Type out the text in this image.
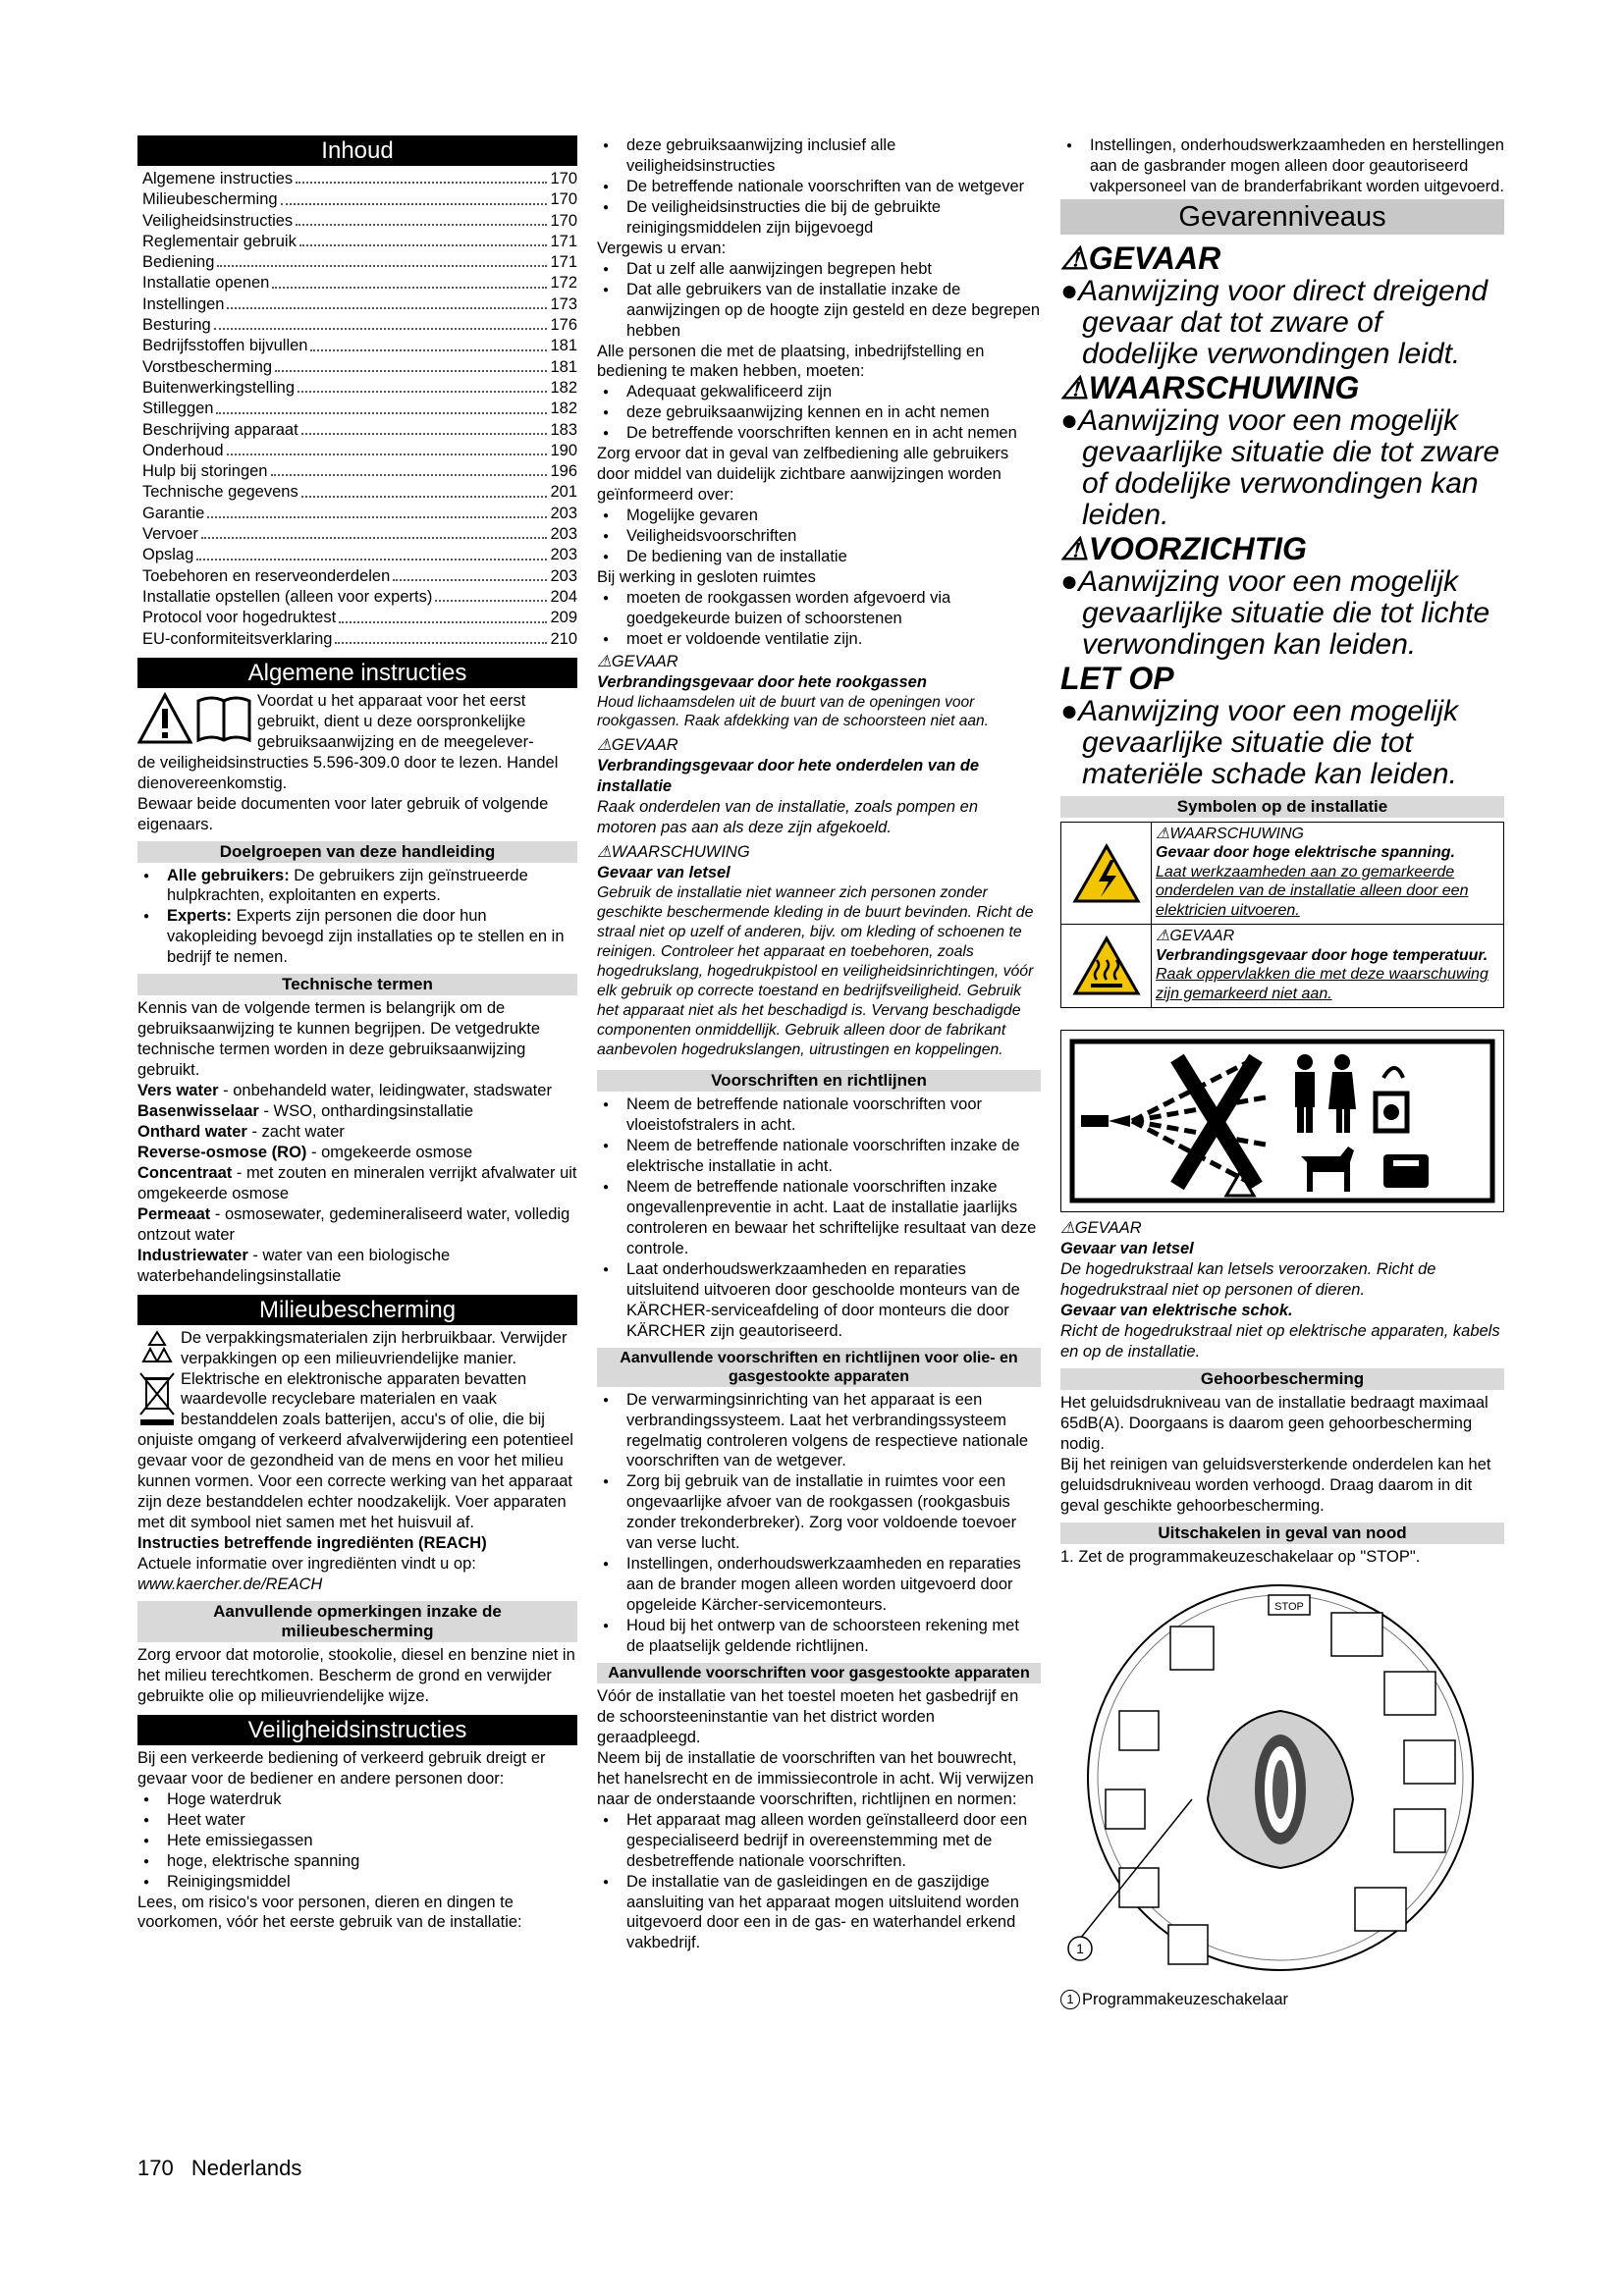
Inhoud
Algemene instructies	170
Milieubescherming	170
Veiligheidsinstructies	170
Reglementair gebruik	171
Bediening	171
Installatie openen	172
Instellingen	173
Besturing	176
Bedrijfsstoffen bijvullen	181
Vorstbescherming	181
Buitenwerkingstelling	182
Stilleggen	182
Beschrijving apparaat	183
Onderhoud	190
Hulp bij storingen	196
Technische gegevens	201
Garantie	203
Vervoer	203
Opslag	203
Toebehoren en reserveonderdelen	203
Installatie opstellen (alleen voor experts)	204
Protocol voor hogedruktest	209
EU-conformiteitsverklaring	210
Algemene instructies

Voordat u het apparaat voor het eerst gebruikt, dient u deze oorspronkelijke gebruiksaanwijzing en de meegelever-

de veiligheidsinstructies 5.596-309.0 door te lezen. Handel dienovereenkomstig.

Bewaar beide documenten voor later gebruik of volgende eigenaars.

Doelgroepen van deze handleiding
● Alle gebruikers: De gebruikers zijn geïnstrueerde hulpkrachten, exploitanten en experts.
● Experts: Experts zijn personen die door hun vakopleiding bevoegd zijn installaties op te stellen en in bedrijf te nemen.
Technische termen

Kennis van de volgende termen is belangrijk om de gebruiksaanwijzing te kunnen begrijpen. De vetgedrukte technische termen worden in deze gebruiksaanwijzing gebruikt.

Vers water - onbehandeld water, leidingwater, stadswater

Basenwisselaar - WSO, onthardingsinstallatie

Onthard water - zacht water

Reverse-osmose (RO) - omgekeerde osmose

Concentraat - met zouten en mineralen verrijkt afvalwater uit omgekeerde osmose

Permeaat - osmosewater, gedemineraliseerd water, volledig ontzout water

Industriewater - water van een biologische waterbehandelingsinstallatie

Milieubescherming

De verpakkingsmaterialen zijn herbruikbaar. Verwijder verpakkingen op een milieuvriendelijke manier.

Elektrische en elektronische apparaten bevatten waardevolle recyclebare materialen en vaak bestanddelen zoals batterijen, accu's of olie, die bij onjuiste omgang of verkeerd afvalverwijdering een potentieel gevaar voor de gezondheid van de mens en voor het milieu kunnen vormen. Voor een correcte werking van het apparaat zijn deze bestanddelen echter noodzakelijk. Voer apparaten met dit symbool niet samen met het huisvuil af.

Instructies betreffende ingrediënten (REACH)

Actuele informatie over ingrediënten vindt u op:

www.kaercher.de/REACH

Aanvullende opmerkingen inzake de milieubescherming

Zorg ervoor dat motorolie, stookolie, diesel en benzine niet in het milieu terechtkomen. Bescherm de grond en verwijder gebruikte olie op milieuvriendelijke wijze.

Veiligheidsinstructies

Bij een verkeerde bediening of verkeerd gebruik dreigt er gevaar voor de bediener en andere personen door:

● Hoge waterdruk
● Heet water
● Hete emissiegassen
● hoge, elektrische spanning
● Reinigingsmiddel

Lees, om risico's voor personen, dieren en dingen te voorkomen, vóór het eerste gebruik van de installatie:

● deze gebruiksaanwijzing inclusief alle veiligheidsinstructies
● De betreffende nationale voorschriften van de wetgever
● De veiligheidsinstructies die bij de gebruikte reinigingsmiddelen zijn bijgevoegd

Vergewis u ervan:

● Dat u zelf alle aanwijzingen begrepen hebt
● Dat alle gebruikers van de installatie inzake de aanwijzingen op de hoogte zijn gesteld en deze begrepen hebben

Alle personen die met de plaatsing, inbedrijfstelling en bediening te maken hebben, moeten:

● Adequaat gekwalificeerd zijn
● deze gebruiksaanwijzing kennen en in acht nemen
● De betreffende voorschriften kennen en in acht nemen

Zorg ervoor dat in geval van zelfbediening alle gebruikers door middel van duidelijk zichtbare aanwijzingen worden geïnformeerd over:

● Mogelijke gevaren
● Veiligheidsvoorschriften
● De bediening van de installatie

Bij werking in gesloten ruimtes

● moeten de rookgassen worden afgevoerd via goedgekeurde buizen of schoorstenen
● moet er voldoende ventilatie zijn.

⚠GEVAAR

Verbrandingsgevaar door hete rookgassen

Houd lichaamsdelen uit de buurt van de openingen voor rookgassen. Raak afdekking van de schoorsteen niet aan.

⚠GEVAAR

Verbrandingsgevaar door hete onderdelen van de installatie

Raak onderdelen van de installatie, zoals pompen en motoren pas aan als deze zijn afgekoeld.

⚠WAARSCHUWING

Gevaar van letsel

Gebruik de installatie niet wanneer zich personen zonder geschikte beschermende kleding in de buurt bevinden. Richt de straal niet op uzelf of anderen, bijv. om kleding of schoenen te reinigen. Controleer het apparaat en toebehoren, zoals hogedrukslang, hogedrukpistool en veiligheidsinrichtingen, vóór elk gebruik op correcte toestand en bedrijfsveiligheid. Gebruik het apparaat niet als het beschadigd is. Vervang beschadigde componenten onmiddellijk. Gebruik alleen door de fabrikant aanbevolen hogedrukslangen, uitrustingen en koppelingen.

Voorschriften en richtlijnen
● Neem de betreffende nationale voorschriften voor vloeistofstralers in acht.
● Neem de betreffende nationale voorschriften inzake de elektrische installatie in acht.
● Neem de betreffende nationale voorschriften inzake ongevallenpreventie in acht. Laat de installatie jaarlijks controleren en bewaar het schriftelijke resultaat van deze controle.
● Laat onderhoudswerkzaamheden en reparaties uitsluitend uitvoeren door geschoolde monteurs van de KÄRCHER-serviceafdeling of door monteurs die door KÄRCHER zijn geautoriseerd.
Aanvullende voorschriften en richtlijnen voor olie- en gasgestookte apparaten
● De verwarmingsinrichting van het apparaat is een verbrandingssysteem. Laat het verbrandingssysteem regelmatig controleren volgens de respectieve nationale voorschriften van de wetgever.
● Zorg bij gebruik van de installatie in ruimtes voor een ongevaarlijke afvoer van de rookgassen (rookgasbuis zonder trekonderbreker). Zorg voor voldoende toevoer van verse lucht.
● Instellingen, onderhoudswerkzaamheden en reparaties aan de brander mogen alleen worden uitgevoerd door opgeleide Kärcher-servicemonteurs.
● Houd bij het ontwerp van de schoorsteen rekening met de plaatselijk geldende richtlijnen.
Aanvullende voorschriften voor gasgestookte apparaten

Vóór de installatie van het toestel moeten het gasbedrijf en de schoorsteeninstantie van het district worden geraadpleegd.

Neem bij de installatie de voorschriften van het bouwrecht, het hanelsrecht en de immissiecontrole in acht. Wij verwijzen naar de onderstaande voorschriften, richtlijnen en normen:

● Het apparaat mag alleen worden geïnstalleerd door een gespecialiseerd bedrijf in overeenstemming met de desbetreffende nationale voorschriften.
● De installatie van de gasleidingen en de gaszijdige aansluiting van het apparaat mogen uitsluitend worden uitgevoerd door een in de gas- en waterhandel erkend vakbedrijf.
● Instellingen, onderhoudswerkzaamheden en herstellingen aan de gasbrander mogen alleen door geautoriseerd vakpersoneel van de branderfabrikant worden uitgevoerd.
Gevarenniveaus
⚠GEVAAR
●Aanwijzing voor direct dreigend gevaar dat tot zware of dodelijke verwondingen leidt.
⚠WAARSCHUWING
●Aanwijzing voor een mogelijk gevaarlijke situatie die tot zware of dodelijke verwondingen kan leiden.
⚠VOORZICHTIG
●Aanwijzing voor een mogelijk gevaarlijke situatie die tot lichte verwondingen kan leiden.
LET OP
●Aanwijzing voor een mogelijk gevaarlijke situatie die tot materiële schade kan leiden.
Symbolen op de installatie

⚠WAARSCHUWING

Gevaar door hoge elektrische spanning.

Laat werkzaamheden aan zo gemarkeerde onderdelen van de installatie alleen door een elektricien uitvoeren.

⚠GEVAAR

Verbrandingsgevaar door hoge temperatuur.

Raak oppervlakken die met deze waarschuwing zijn gemarkeerd niet aan.

⚠GEVAAR

Gevaar van letsel

De hogedrukstraal kan letsels veroorzaken. Richt de hogedrukstraal niet op personen of dieren.

Gevaar van elektrische schok.

Richt de hogedrukstraal niet op elektrische apparaten, kabels en op de installatie.

Gehoorbescherming

Het geluidsdrukniveau van de installatie bedraagt maximaal 65dB(A). Doorgaans is daarom geen gehoorbescherming nodig.

Bij het reinigen van geluidsversterkende onderdelen kan het geluidsdrukniveau worden verhoogd. Draag daarom in dit geval geschikte gehoorbescherming.

Uitschakelen in geval van nood

1. Zet de programmakeuzeschakelaar op "STOP".

STOP
1
1 Programmakeuzeschakelaar
170 Nederlands
